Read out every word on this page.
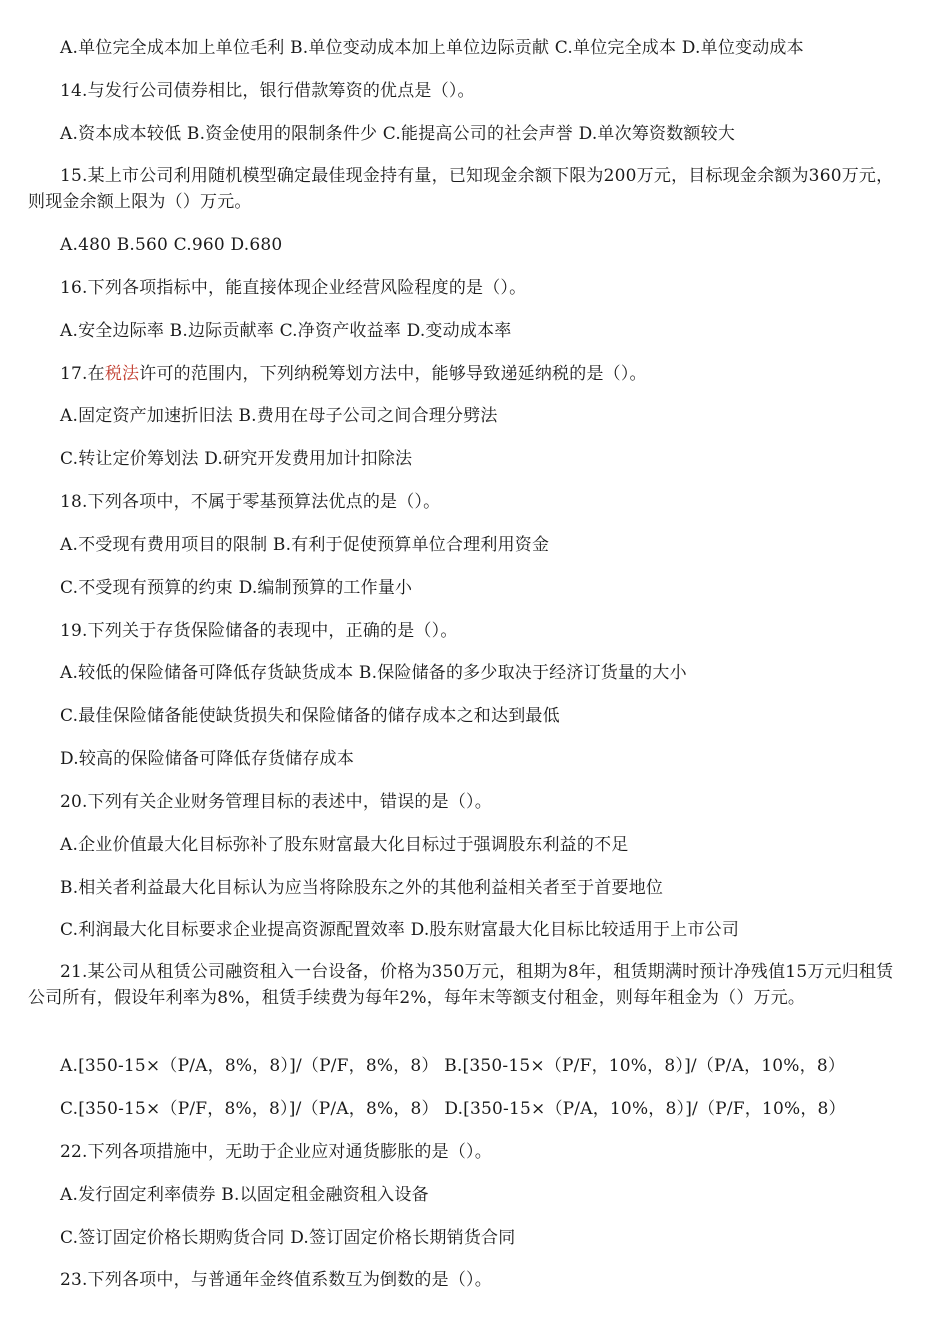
A.单位完全成本加上单位毛利 B.单位变动成本加上单位边际贡献 C.单位完全成本 D.单位变动成本
14.与发行公司债券相比，银行借款筹资的优点是（）。
A.资本成本较低 B.资金使用的限制条件少 C.能提高公司的社会声誉 D.单次筹资数额较大
15.某上市公司利用随机模型确定最佳现金持有量，已知现金余额下限为200万元，目标现金余额为360万元，则现金余额上限为（）万元。
A.480 B.560 C.960 D.680
16.下列各项指标中，能直接体现企业经营风险程度的是（）。
A.安全边际率 B.边际贡献率 C.净资产收益率 D.变动成本率
17.在税法许可的范围内，下列纳税筹划方法中，能够导致递延纳税的是（）。
A.固定资产加速折旧法 B.费用在母子公司之间合理分劈法
C.转让定价筹划法 D.研究开发费用加计扣除法
18.下列各项中，不属于零基预算法优点的是（）。
A.不受现有费用项目的限制 B.有利于促使预算单位合理利用资金
C.不受现有预算的约束 D.编制预算的工作量小
19.下列关于存货保险储备的表现中，正确的是（）。
A.较低的保险储备可降低存货缺货成本 B.保险储备的多少取决于经济订货量的大小
C.最佳保险储备能使缺货损失和保险储备的储存成本之和达到最低
D.较高的保险储备可降低存货储存成本
20.下列有关企业财务管理目标的表述中，错误的是（）。
A.企业价值最大化目标弥补了股东财富最大化目标过于强调股东利益的不足
B.相关者利益最大化目标认为应当将除股东之外的其他利益相关者至于首要地位
C.利润最大化目标要求企业提高资源配置效率 D.股东财富最大化目标比较适用于上市公司
21.某公司从租赁公司融资租入一台设备，价格为350万元，租期为8年，租赁期满时预计净残值15万元归租赁公司所有，假设年利率为8%，租赁手续费为每年2%，每年末等额支付租金，则每年租金为（）万元。
A.[350-15×（P/A，8%，8）]/（P/F，8%，8） B.[350-15×（P/F，10%，8）]/（P/A，10%，8）
C.[350-15×（P/F，8%，8）]/（P/A，8%，8） D.[350-15×（P/A，10%，8）]/（P/F，10%，8）
22.下列各项措施中，无助于企业应对通货膨胀的是（）。
A.发行固定利率债券 B.以固定租金融资租入设备
C.签订固定价格长期购货合同 D.签订固定价格长期销货合同
23.下列各项中，与普通年金终值系数互为倒数的是（）。
